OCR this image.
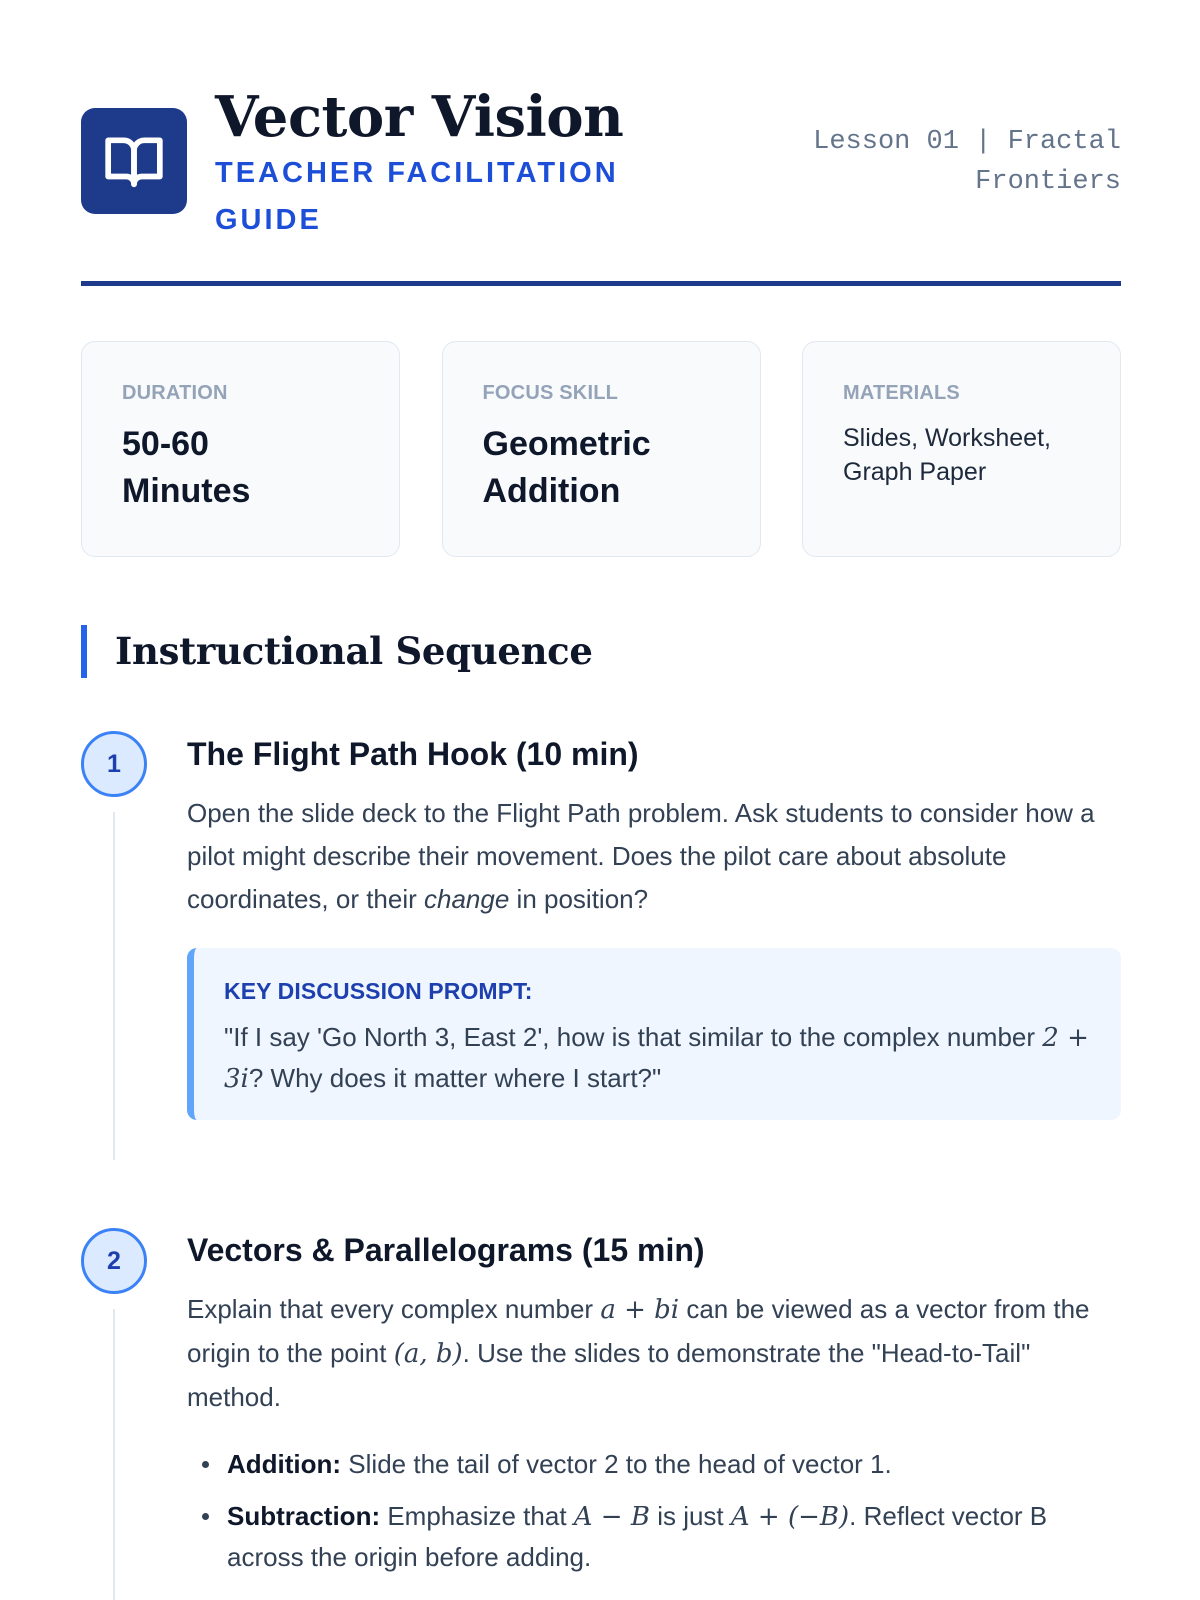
Vector Vision
TEACHER FACILITATION GUIDE
Lesson 01 | Fractal Frontiers
DURATION
50-60 Minutes
FOCUS SKILL
Geometric Addition
MATERIALS
Slides, Worksheet, Graph Paper
Instructional Sequence
1	The Flight Path Hook (10 min)

Open the slide deck to the Flight Path problem. Ask students to consider how a pilot might describe their movement. Does the pilot care about absolute coordinates, or their change in position?

KEY DISCUSSION PROMPT:
"If I say 'Go North 3, East 2', how is that similar to the complex number 2 + 3i? Why does it matter where I start?"
2	Vectors & Parallelograms (15 min)

Explain that every complex number a + bi can be viewed as a vector from the origin to the point (a, b). Use the slides to demonstrate the "Head-to-Tail" method.

Addition: Slide the tail of vector 2 to the head of vector 1.
Subtraction: Emphasize that A − B is just A + (−B). Reflect vector B across the origin before adding.
